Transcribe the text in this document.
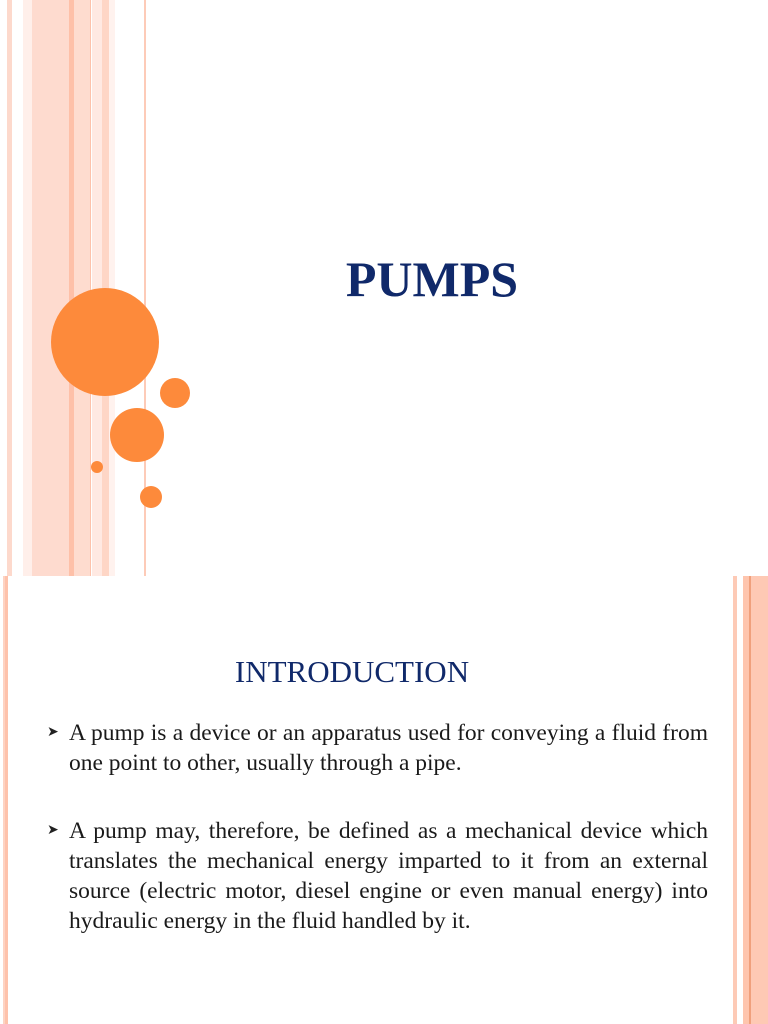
PUMPS
INTRODUCTION
➤ A pump is a device or an apparatus used for conveying a fluid from one point to other, usually through a pipe.
➤ A pump may, therefore, be defined as a mechanical device which translates the mechanical energy imparted to it from an external source (electric motor, diesel engine or even manual energy) into hydraulic energy in the fluid handled by it.
